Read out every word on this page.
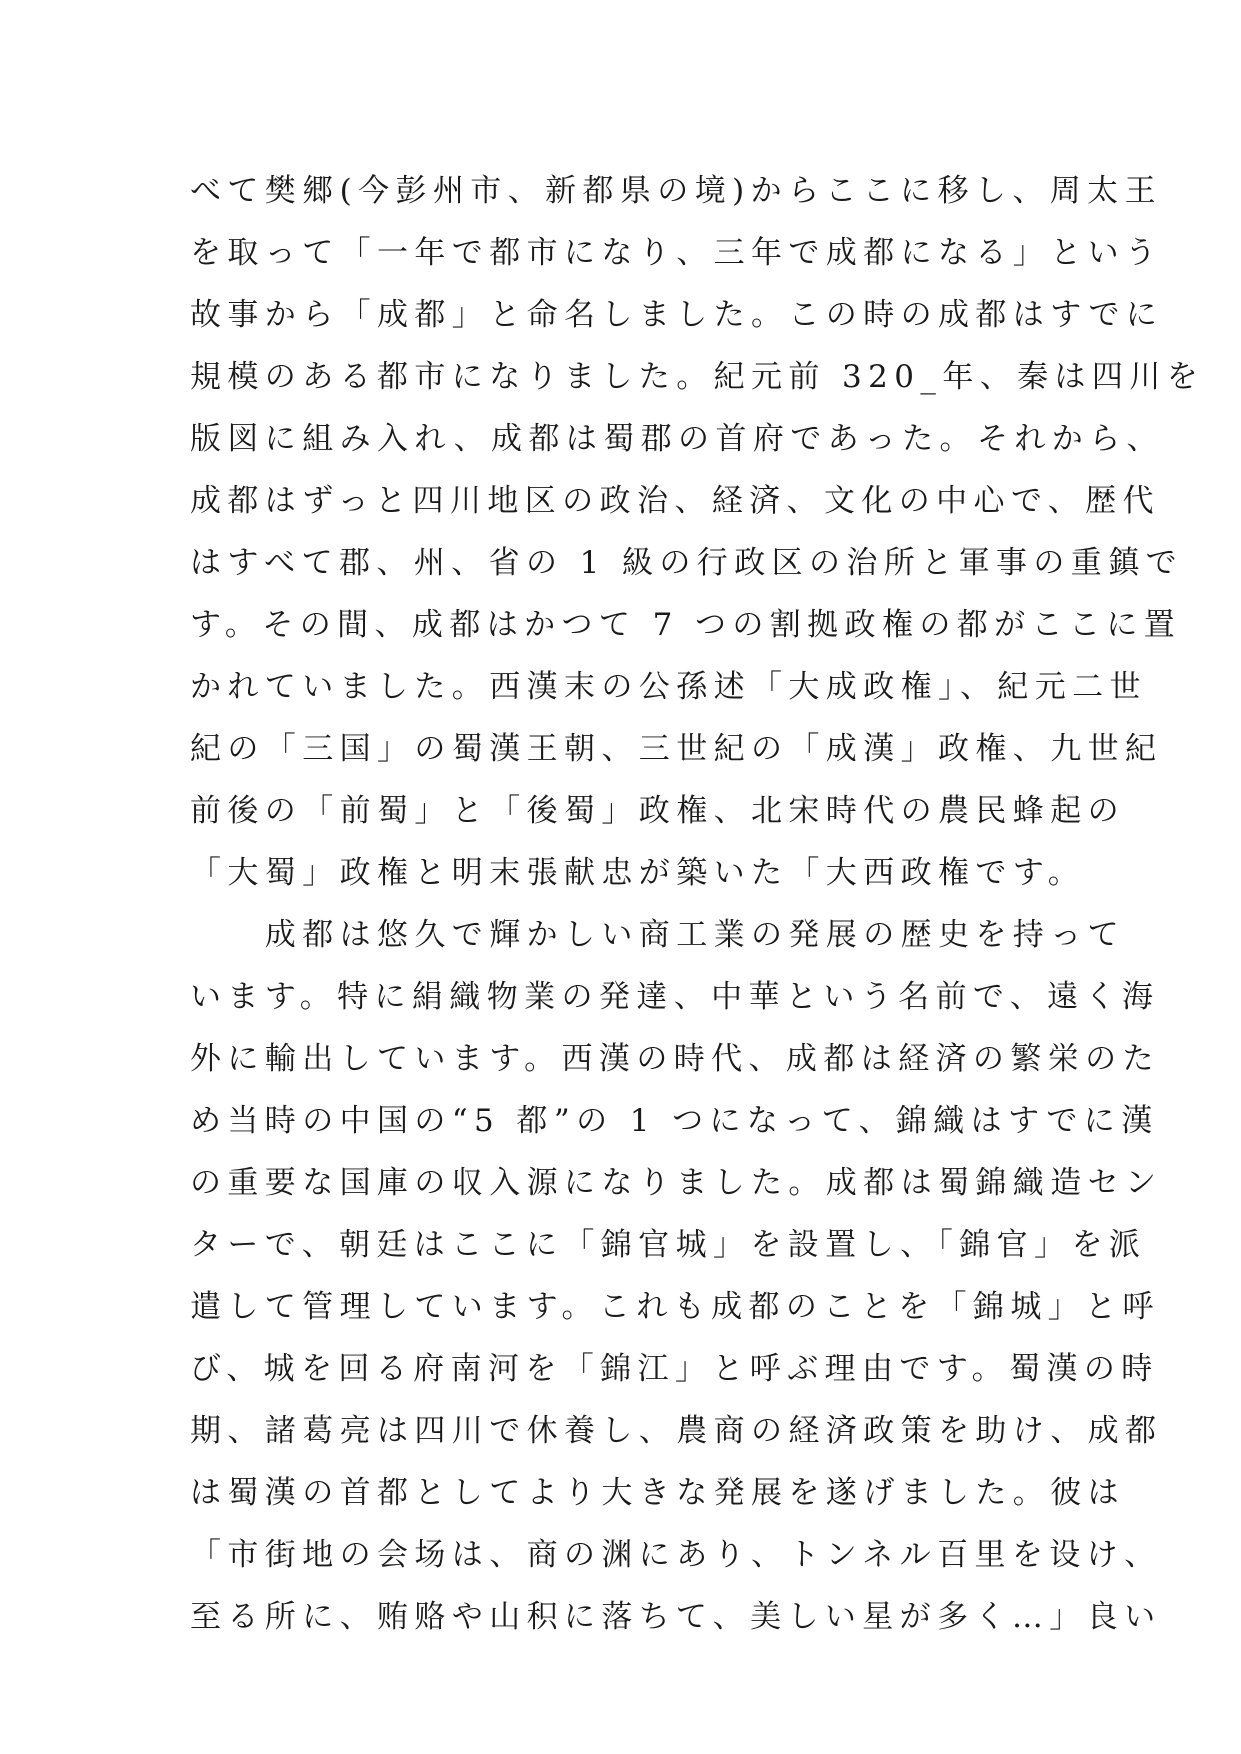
べて樊郷(今彭州市、新都県の境)からここに移し、周太王
を取って「一年で都市になり、三年で成都になる」という
故事から「成都」と命名しました。この時の成都はすでに
規模のある都市になりました。紀元前 320_年、秦は四川を
版図に組み入れ、成都は蜀郡の首府であった。それから、
成都はずっと四川地区の政治、経済、文化の中心で、歴代
はすべて郡、州、省の 1 級の行政区の治所と軍事の重鎮で
す。その間、成都はかつて 7 つの割拠政権の都がここに置
かれていました。西漢末の公孫述「大成政権」、紀元二世
紀の「三国」の蜀漢王朝、三世紀の「成漢」政権、九世紀
前後の「前蜀」と「後蜀」政権、北宋時代の農民蜂起の
「大蜀」政権と明末張献忠が築いた「大西政権です。
　　成都は悠久で輝かしい商工業の発展の歴史を持って
います。特に絹織物業の発達、中華という名前で、遠く海
外に輸出しています。西漢の時代、成都は経済の繁栄のた
め当時の中国の“5 都”の 1 つになって、錦織はすでに漢
の重要な国庫の収入源になりました。成都は蜀錦織造セン
ターで、朝廷はここに「錦官城」を設置し、「錦官」を派
遣して管理しています。これも成都のことを「錦城」と呼
び、城を回る府南河を「錦江」と呼ぶ理由です。蜀漢の時
期、諸葛亮は四川で休養し、農商の経済政策を助け、成都
は蜀漢の首都としてより大きな発展を遂げました。彼は
「市街地の会场は、商の渊にあり、トンネル百里を设け、
至る所に、贿赂や山积に落ちて、美しい星が多く…」良い
